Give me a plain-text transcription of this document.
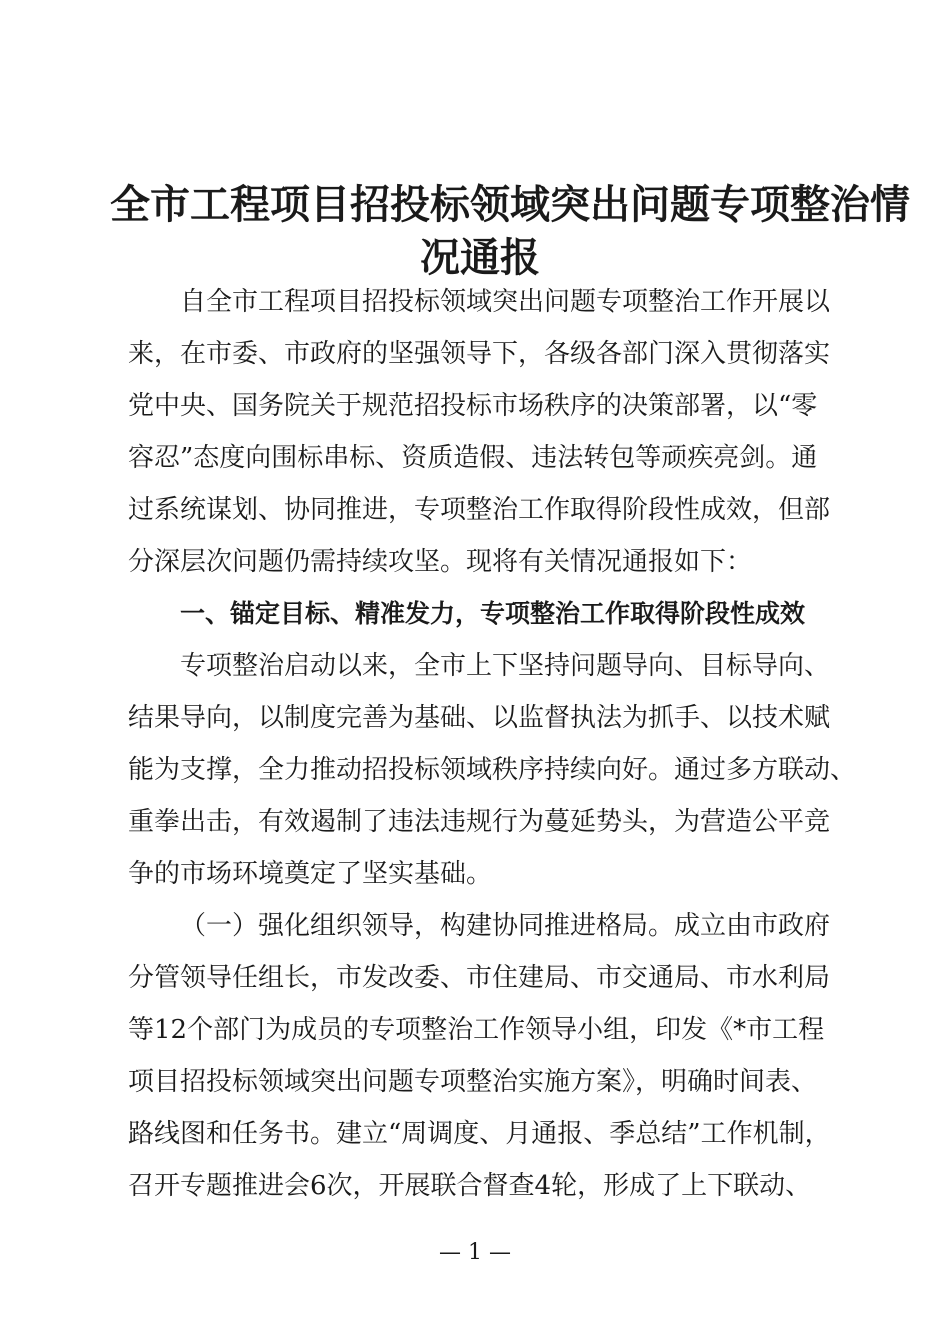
全市工程项目招投标领域突出问题专项整治情
况通报
自全市工程项目招投标领域突出问题专项整治工作开展以
来，在市委、市政府的坚强领导下，各级各部门深入贯彻落实
党中央、国务院关于规范招投标市场秩序的决策部署，以“零
容忍”态度向围标串标、资质造假、违法转包等顽疾亮剑。通
过系统谋划、协同推进，专项整治工作取得阶段性成效，但部
分深层次问题仍需持续攻坚。现将有关情况通报如下：
一、锚定目标、精准发力，专项整治工作取得阶段性成效
专项整治启动以来，全市上下坚持问题导向、目标导向、
结果导向，以制度完善为基础、以监督执法为抓手、以技术赋
能为支撑，全力推动招投标领域秩序持续向好。通过多方联动、
重拳出击，有效遏制了违法违规行为蔓延势头，为营造公平竞
争的市场环境奠定了坚实基础。
（一）强化组织领导，构建协同推进格局。成立由市政府
分管领导任组长，市发改委、市住建局、市交通局、市水利局
等12个部门为成员的专项整治工作领导小组，印发《*市工程
项目招投标领域突出问题专项整治实施方案》，明确时间表、
路线图和任务书。建立“周调度、月通报、季总结”工作机制，
召开专题推进会6次，开展联合督查4轮，形成了上下联动、
— 1 —
